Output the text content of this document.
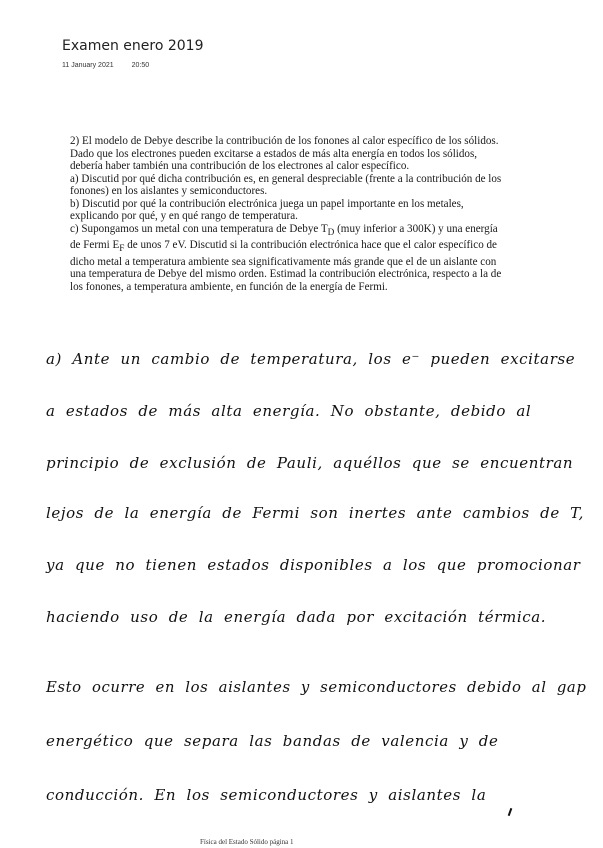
Examen enero 2019
11 January 2021	20:50

2) El modelo de Debye describe la contribución de los fonones al calor específico de los sólidos.

Dado que los electrones pueden excitarse a estados de más alta energía en todos los sólidos,

debería haber también una contribución de los electrones al calor específico.

a) Discutid por qué dicha contribución es, en general despreciable (frente a la contribución de los

fonones) en los aislantes y semiconductores.

b) Discutid por qué la contribución electrónica juega un papel importante en los metales,

explicando por qué, y en qué rango de temperatura.

c) Supongamos un metal con una temperatura de Debye $T_D$ (muy inferior a 300K) y una energía

de Fermi $E_F$ de unos 7 eV. Discutid si la contribución electrónica hace que el calor específico de

dicho metal a temperatura ambiente sea significativamente más grande que el de un aislante con

una temperatura de Debye del mismo orden. Estimad la contribución electrónica, respecto a la de

los fonones, a temperatura ambiente, en función de la energía de Fermi.

a) Ante un cambio de temperatura, los e⁻ pueden excitarse
a estados de más alta energía. No obstante, debido al
principio de exclusión de Pauli, aquéllos que se encuentran
lejos de la energía de Fermi son inertes ante cambios de T,
ya que no tienen estados disponibles a los que promocionar
haciendo uso de la energía dada por excitación térmica.
Esto ocurre en los aislantes y semiconductores debido al gap
energético que separa las bandas de valencia y de
conducción. En los semiconductores y aislantes la
Física del Estado Sólido página 1
